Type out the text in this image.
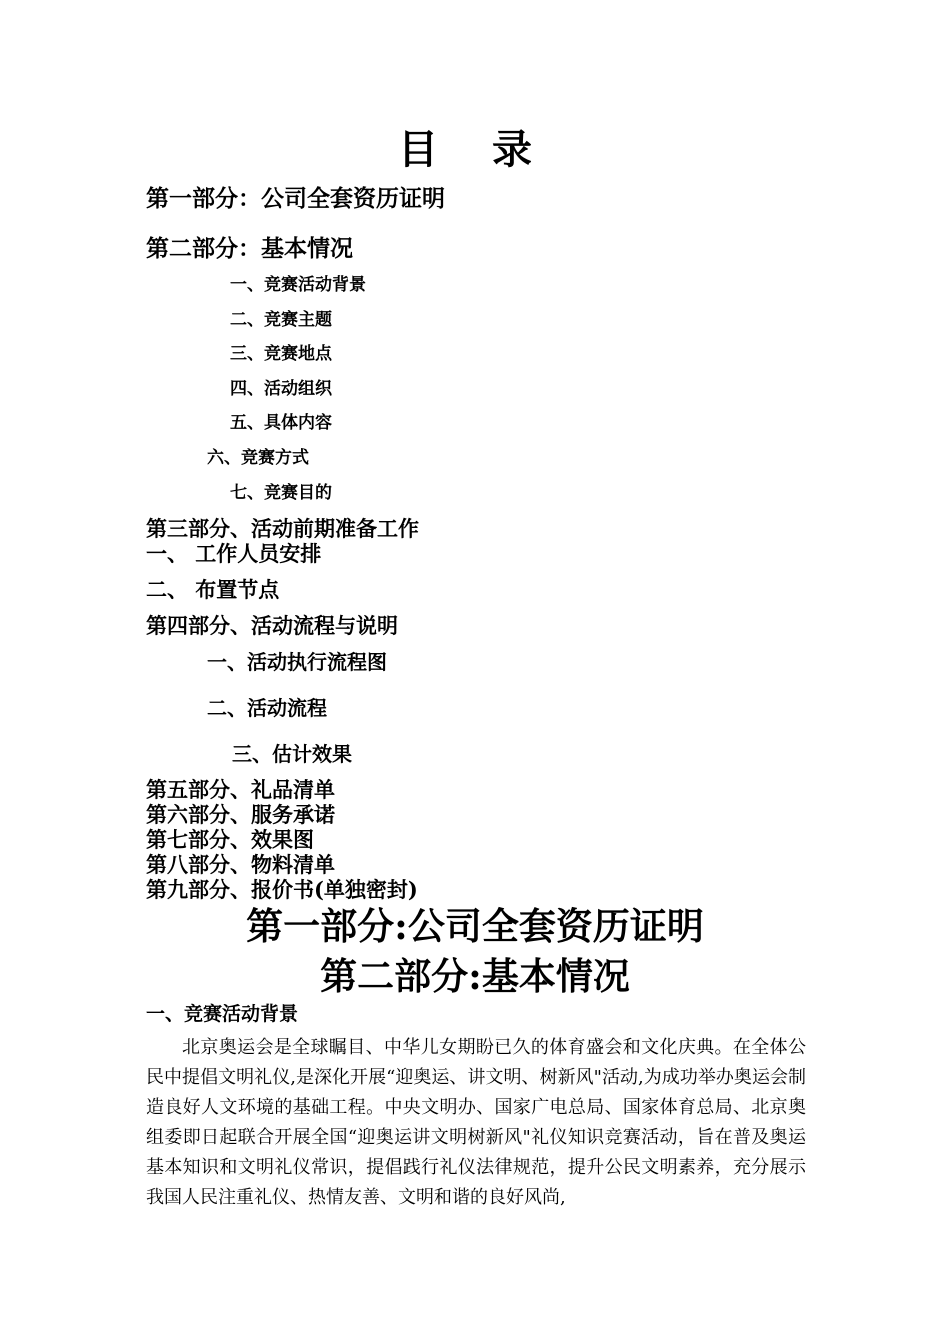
目 录
第一部分：公司全套资历证明
第二部分：基本情况
一、竞赛活动背景
二、竞赛主题
三、竞赛地点
四、活动组织
五、具体内容
六、竞赛方式
七、竞赛目的
第三部分、活动前期准备工作
一、 工作人员安排
二、 布置节点
第四部分、活动流程与说明
一、活动执行流程图
二、活动流程
三、估计效果
第五部分、礼品清单
第六部分、服务承诺
第七部分、效果图
第八部分、物料清单
第九部分、报价书(单独密封)
第一部分:公司全套资历证明
第二部分:基本情况
一、竞赛活动背景
北京奥运会是全球瞩目、中华儿女期盼已久的体育盛会和文化庆典。在全体公民中提倡文明礼仪,是深化开展“迎奥运、讲文明、树新风"活动,为成功举办奥运会制造良好人文环境的基础工程。中央文明办、国家广电总局、国家体育总局、北京奥组委即日起联合开展全国“迎奥运讲文明树新风"礼仪知识竞赛活动，旨在普及奥运基本知识和文明礼仪常识，提倡践行礼仪法律规范，提升公民文明素养，充分展示我国人民注重礼仪、热情友善、文明和谐的良好风尚,
